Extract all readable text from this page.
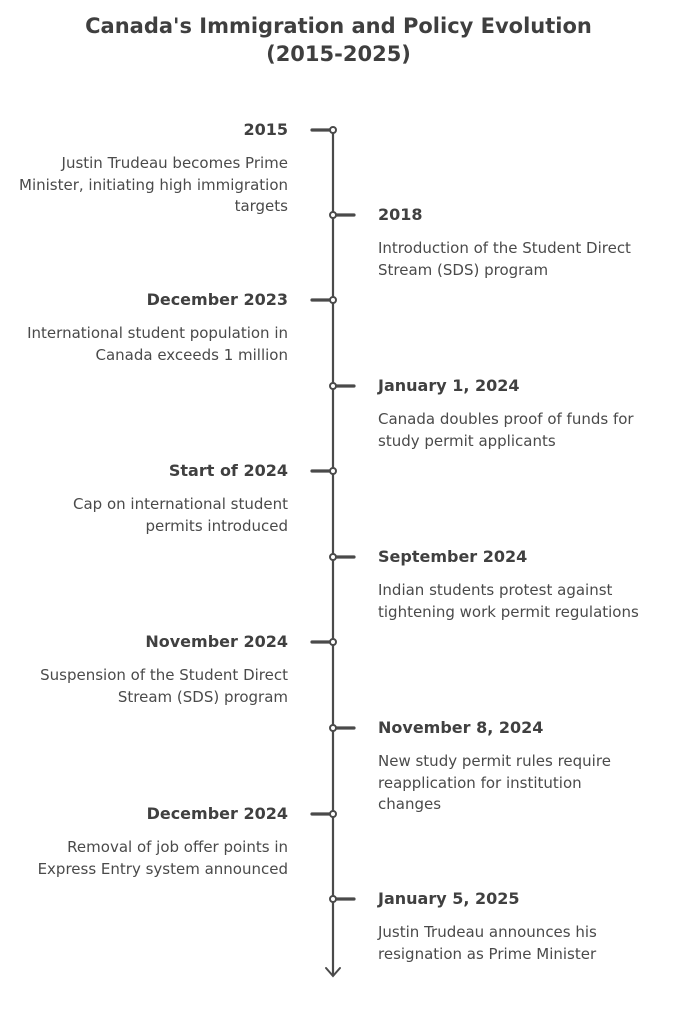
Canada's Immigration and Policy Evolution
(2015-2025)
2015
Justin Trudeau becomes Prime Minister, initiating high immigration targets	2018
Introduction of the Student Direct Stream (SDS) program
December 2023
International student population in Canada exceeds 1 million
January 1, 2024
Canada doubles proof of funds for study permit applicants
Start of 2024
Cap on international student permits introduced
September 2024
Indian students protest against tightening work permit regulations
November 2024
Suspension of the Student Direct Stream (SDS) program
November 8, 2024
New study permit rules require reapplication for institution changes
December 2024
Removal of job offer points in Express Entry system announced
January 5, 2025
Justin Trudeau announces his resignation as Prime Minister
